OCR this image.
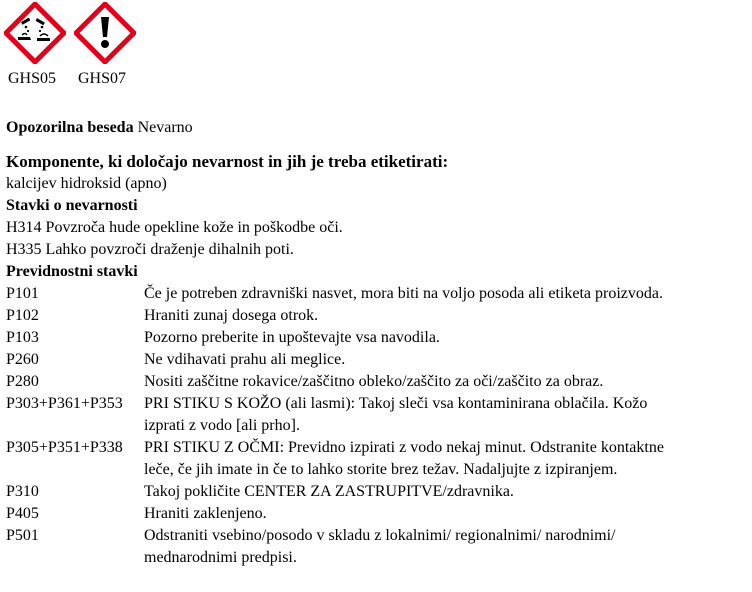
GHS05 GHS07
Opozorilna beseda Nevarno
Komponente, ki določajo nevarnost in jih je treba etiketirati:
kalcijev hidroksid (apno)
Stavki o nevarnosti
H314 Povzroča hude opekline kože in poškodbe oči.
H335 Lahko povzroči draženje dihalnih poti.
Previdnostni stavki
P101	Če je potreben zdravniški nasvet, mora biti na voljo posoda ali etiketa proizvoda.
P102	Hraniti zunaj dosega otrok.
P103	Pozorno preberite in upoštevajte vsa navodila.
P260	Ne vdihavati prahu ali meglice.
P280	Nositi zaščitne rokavice/zaščitno obleko/zaščito za oči/zaščito za obraz.
P303+P361+P353	PRI STIKU S KOŽO (ali lasmi): Takoj sleči vsa kontaminirana oblačila. Kožo
izprati z vodo [ali prho].
P305+P351+P338	PRI STIKU Z OČMI: Previdno izpirati z vodo nekaj minut. Odstranite kontaktne
leče, če jih imate in če to lahko storite brez težav. Nadaljujte z izpiranjem.
P310	Takoj pokličite CENTER ZA ZASTRUPITVE/zdravnika.
P405	Hraniti zaklenjeno.
P501	Odstraniti vsebino/posodo v skladu z lokalnimi/ regionalnimi/ narodnimi/
mednarodnimi predpisi.
